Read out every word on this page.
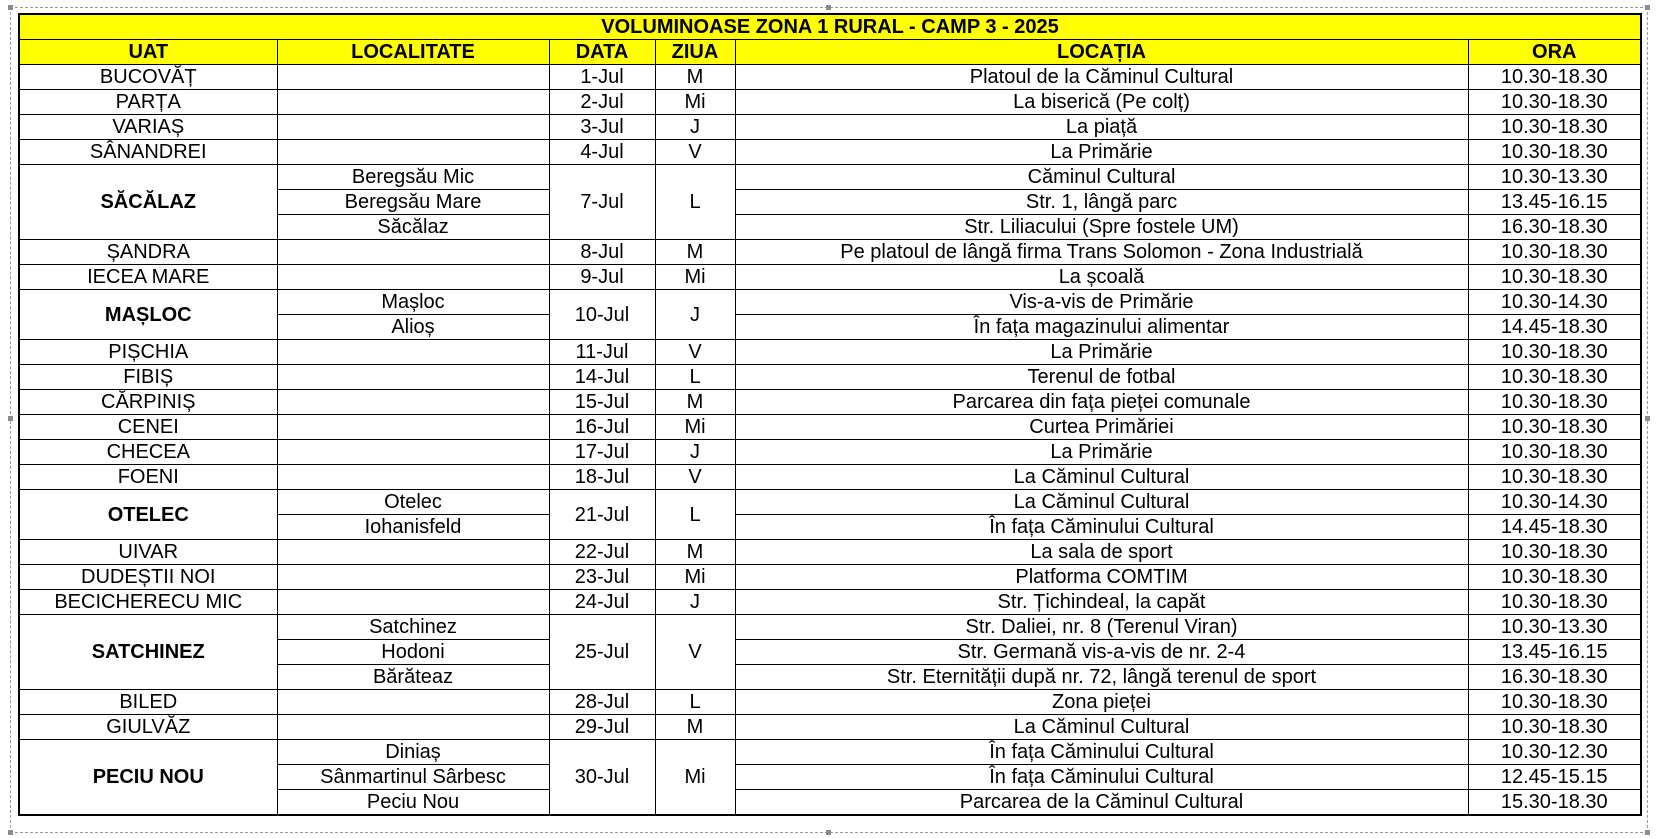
VOLUMINOASE ZONA 1 RURAL - CAMP 3 - 2025					
UAT	LOCALITATE	DATA	ZIUA	LOCAȚIA	ORA
BUCOVĂȚ		1-Jul	M	Platoul de la Căminul Cultural	10.30-18.30
PARȚA		2-Jul	Mi	La biserică (Pe colț)	10.30-18.30
VARIAȘ		3-Jul	J	La piață	10.30-18.30
SÂNANDREI		4-Jul	V	La Primărie	10.30-18.30
SĂCĂLAZ	Beregsău Mic	7-Jul	L	Căminul Cultural	10.30-13.30
	Beregsău Mare			Str. 1, lângă parc	13.45-16.15
	Săcălaz			Str. Liliacului (Spre fostele UM)	16.30-18.30
ȘANDRA		8-Jul	M	Pe platoul de lângă firma Trans Solomon - Zona Industrială	10.30-18.30
IECEA MARE		9-Jul	Mi	La școală	10.30-18.30
MAȘLOC	Mașloc	10-Jul	J	Vis-a-vis de Primărie	10.30-14.30
	Alioș			În fața magazinului alimentar	14.45-18.30
PIȘCHIA		11-Jul	V	La Primărie	10.30-18.30
FIBIȘ		14-Jul	L	Terenul de fotbal	10.30-18.30
CĂRPINIȘ		15-Jul	M	Parcarea din fața pieței comunale	10.30-18.30
CENEI		16-Jul	Mi	Curtea Primăriei	10.30-18.30
CHECEA		17-Jul	J	La Primărie	10.30-18.30
FOENI		18-Jul	V	La Căminul Cultural	10.30-18.30
OTELEC	Otelec	21-Jul	L	La Căminul Cultural	10.30-14.30
	Iohanisfeld			În fața Căminului Cultural	14.45-18.30
UIVAR		22-Jul	M	La sala de sport	10.30-18.30
DUDEȘTII NOI		23-Jul	Mi	Platforma COMTIM	10.30-18.30
BECICHERECU MIC		24-Jul	J	Str. Țichindeal, la capăt	10.30-18.30
SATCHINEZ	Satchinez	25-Jul	V	Str. Daliei, nr. 8 (Terenul Viran)	10.30-13.30
	Hodoni			Str. Germană vis-a-vis de nr. 2-4	13.45-16.15
	Bărăteaz			Str. Eternității după nr. 72, lângă terenul de sport	16.30-18.30
BILED		28-Jul	L	Zona pieței	10.30-18.30
GIULVĂZ		29-Jul	M	La Căminul Cultural	10.30-18.30
PECIU NOU	Diniaș	30-Jul	Mi	În fața Căminului Cultural	10.30-12.30
	Sânmartinul Sârbesc			În fața Căminului Cultural	12.45-15.15
	Peciu Nou			Parcarea de la Căminul Cultural	15.30-18.30
